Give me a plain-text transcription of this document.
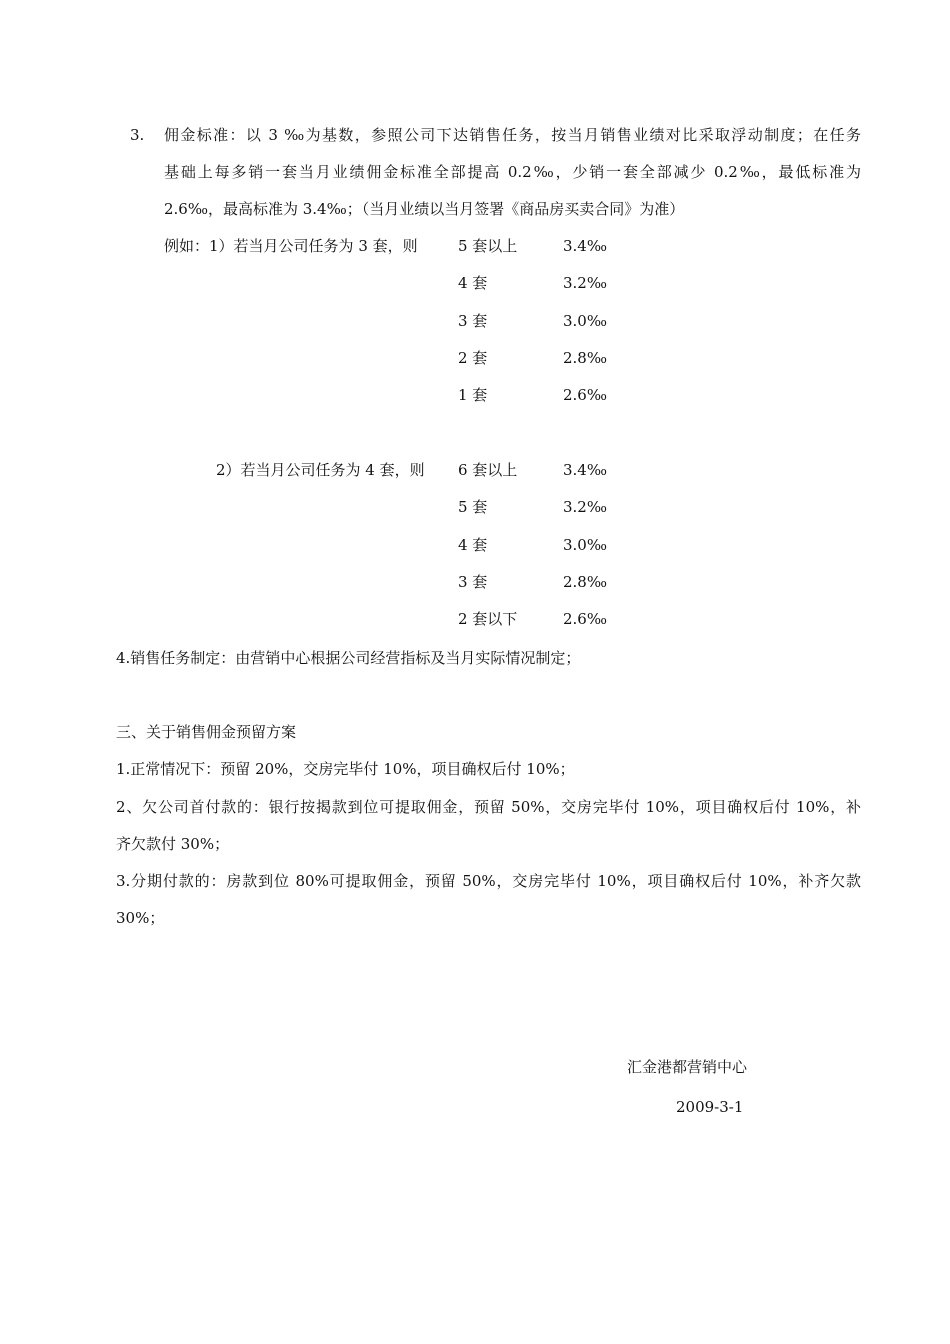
3. 佣金标准：以 3 ‰为基数，参照公司下达销售任务，按当月销售业绩对比采取浮动制度；在任务
基础上每多销一套当月业绩佣金标准全部提高 0.2‰，少销一套全部减少 0.2‰，最低标准为
2.6‰，最高标准为 3.4‰；（当月业绩以当月签署《商品房买卖合同》为准）
例如：1）若当月公司任务为 3 套，则	5 套以上	3.4‰
4 套	3.2‰
3 套	3.0‰
2 套	2.8‰
1 套	2.6‰
2）若当月公司任务为 4 套，则 6 套以上	3.4‰
5 套	3.2‰
4 套	3.0‰
3 套	2.8‰
2 套以下	2.6‰
4.销售任务制定：由营销中心根据公司经营指标及当月实际情况制定；
三、关于销售佣金预留方案
1.正常情况下：预留 20%，交房完毕付 10%，项目确权后付 10%；
2、欠公司首付款的：银行按揭款到位可提取佣金，预留 50%，交房完毕付 10%，项目确权后付 10%，补
齐欠款付 30%；
3.分期付款的：房款到位 80%可提取佣金，预留 50%，交房完毕付 10%，项目确权后付 10%，补齐欠款
30%；
汇金港都营销中心
2009-3-1
